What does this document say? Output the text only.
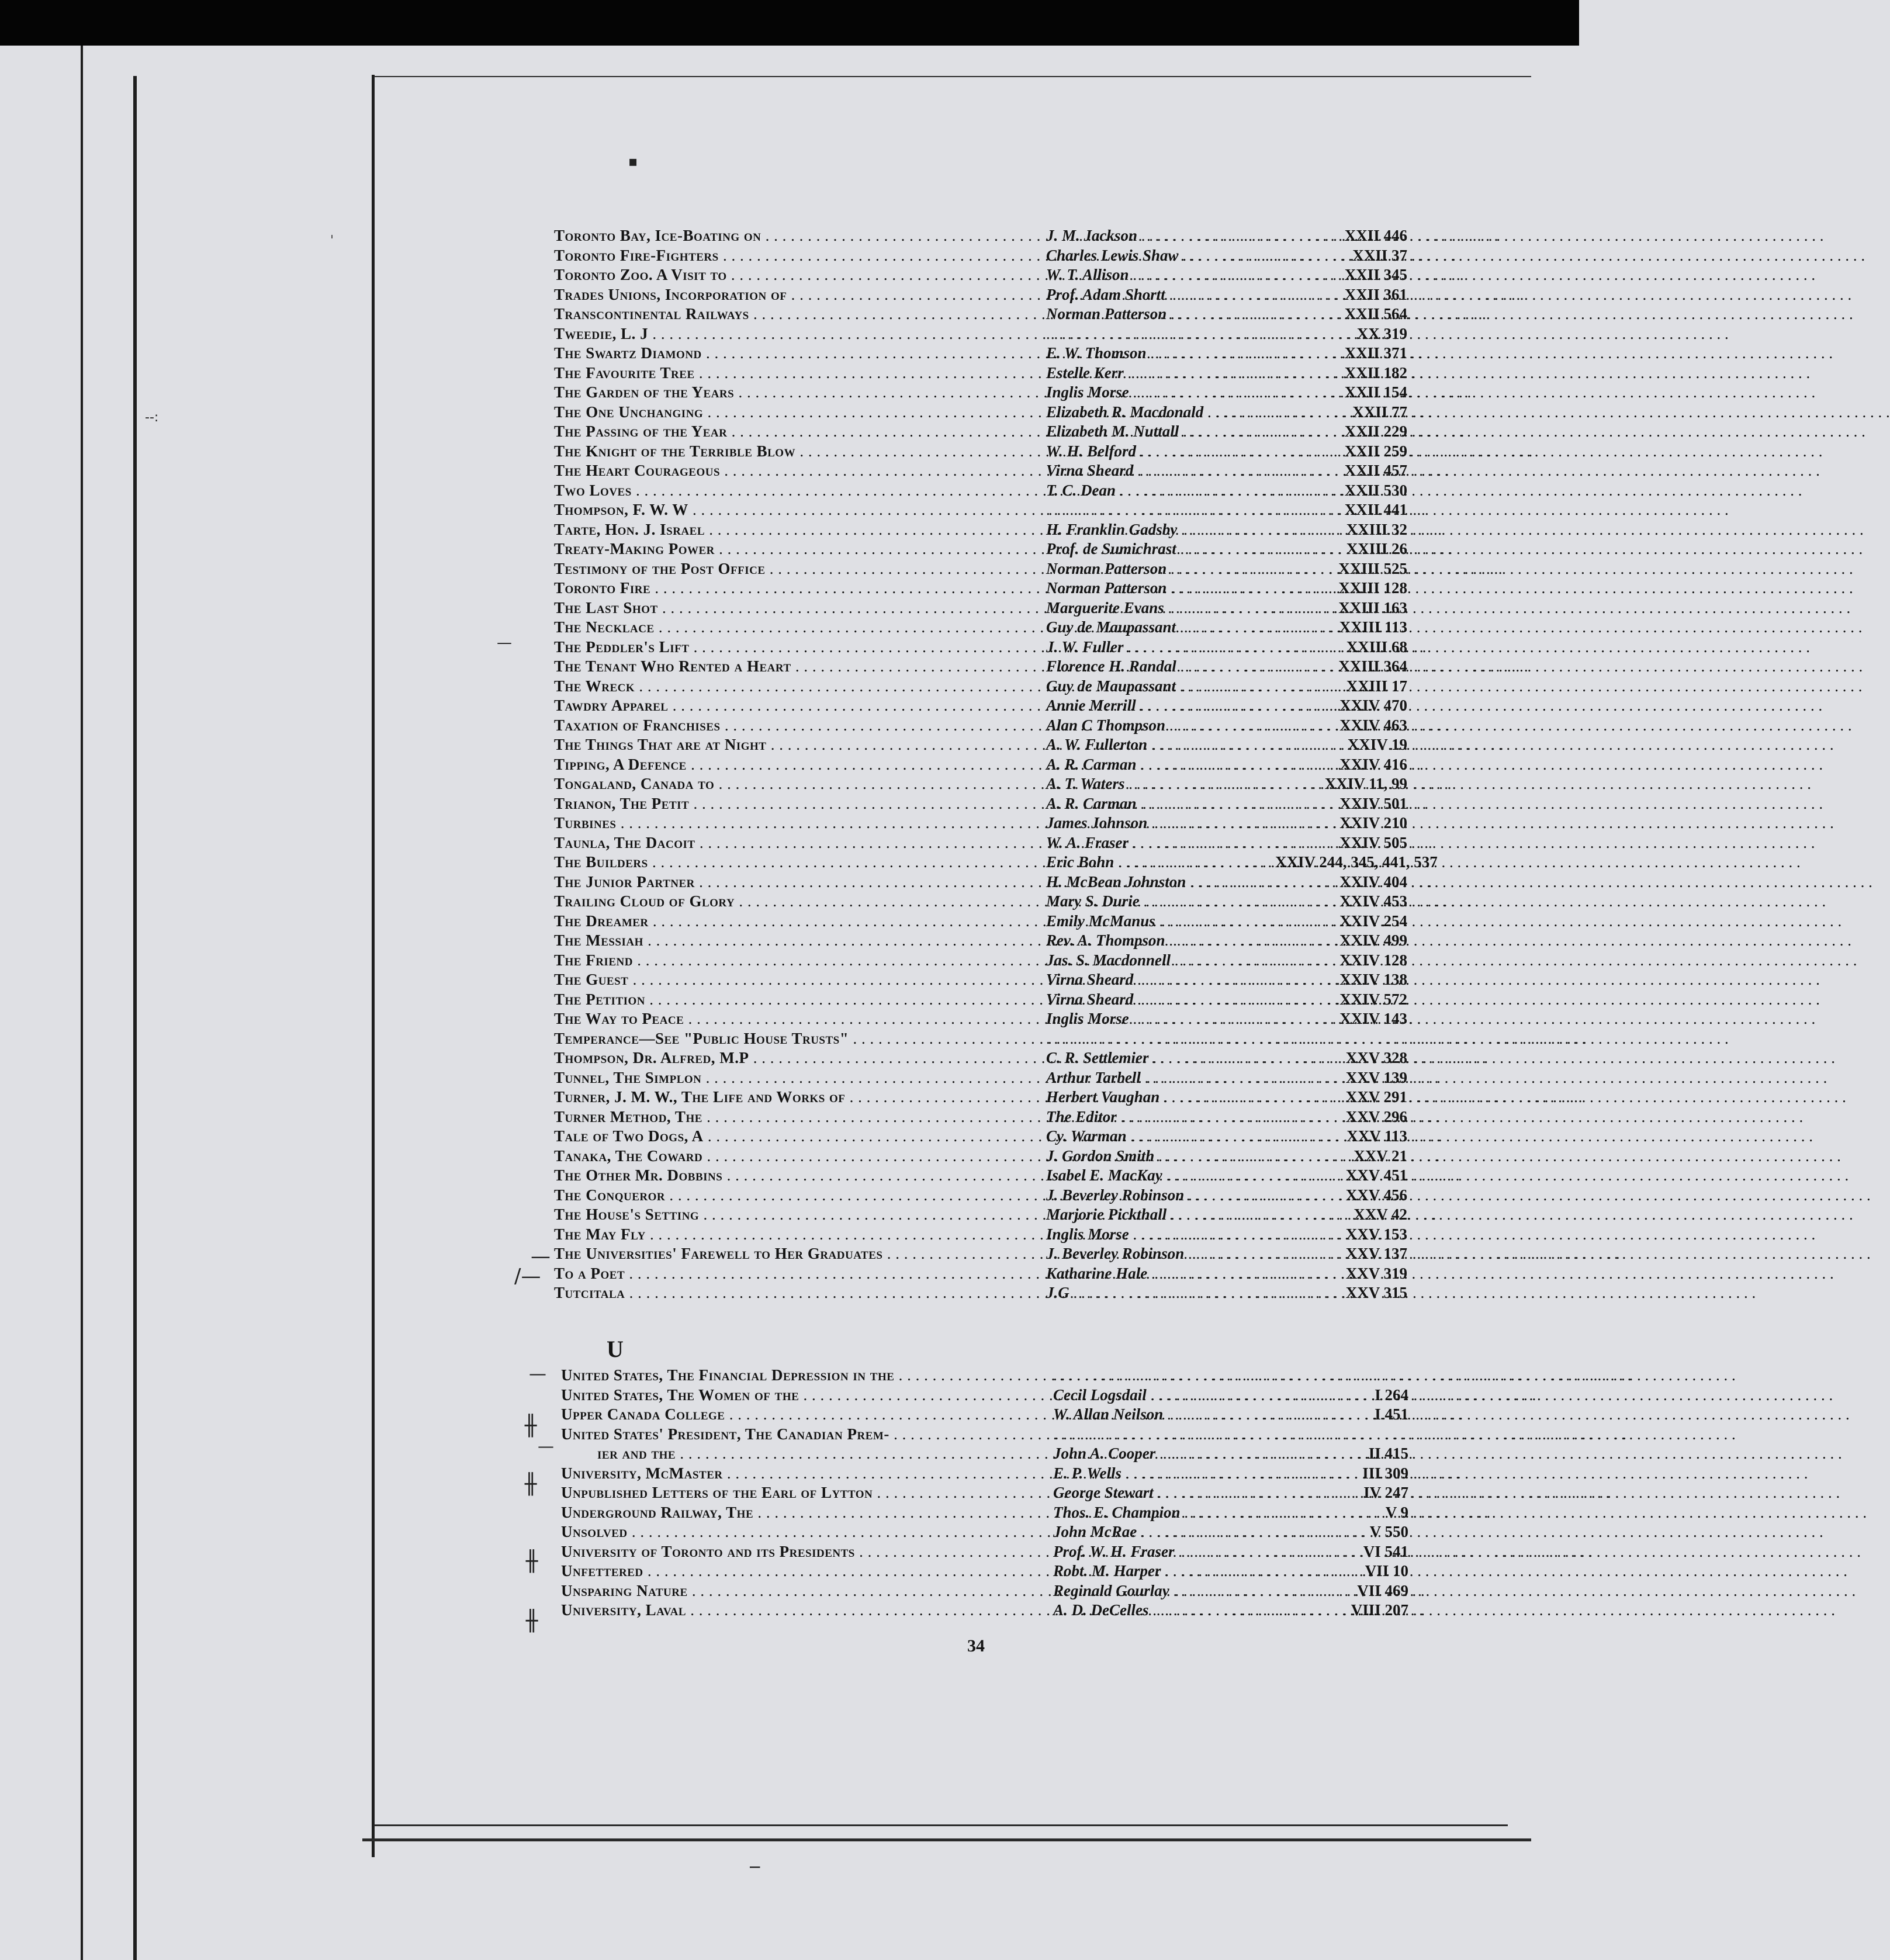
▪
ˈ
--:
—
−
—
/—
—
╫
—
╫
╫
╫
Toronto Bay, Ice-Boating on . . .	J. M. Jackson . . .	XXII 446
Toronto Fire-Fighters . . .	Charles Lewis Shaw . . .	XXII 37
Toronto Zoo. A Visit to . . .	W. T. Allison . . .	XXII 345
Trades Unions, Incorporation of . . .	Prof. Adam Shortt . . .	XXII 361
Transcontinental Railways . . .	Norman Patterson . . .	XXII 564
Tweedie, L. J . . . . . .	XX 319
The Swartz Diamond . . .	E. W. Thomson . . .	XXII 371
The Favourite Tree . . .	Estelle Kerr . . .	XXII 182
The Garden of the Years . . .	Inglis Morse . . .	XXII 154
The One Unchanging . . .	Elizabeth R. Macdonald . . .	XXII 77
The Passing of the Year . . .	Elizabeth M. Nuttall . . .	XXII 229
The Knight of the Terrible Blow . . .	W. H. Belford . . .	XXII 259
The Heart Courageous . . .	Virna Sheard . . .	XXII 457
Two Loves . . .	T. C. Dean . . .	XXII 530
Thompson, F. W. W . . . . . .	XXII 441
Tarte, Hon. J. Israel . . .	H. Franklin Gadsby . . .	XXIII 32
Treaty-Making Power . . .	Prof. de Sumichrast . . .	XXIII 26
Testimony of the Post Office . . .	Norman Patterson . . .	XXIII 525
Toronto Fire . . .	Norman Patterson . . .	XXIII 128
The Last Shot . . .	Marguerite Evans . . .	XXIII 163
The Necklace . . .	Guy de Maupassant . . .	XXIII 113
The Peddler's Lift . . .	J. W. Fuller . . .	XXIII 68
The Tenant Who Rented a Heart . . .	Florence H. Randal . . .	XXIII 364
The Wreck . . .	Guy de Maupassant . . .	XXIII 17
Tawdry Apparel . . .	Annie Merrill . . .	XXIV 470
Taxation of Franchises . . .	Alan C Thompson . . .	XXIV 463
The Things That are at Night . . .	A. W. Fullerton . . .	XXIV 19
Tipping, A Defence . . .	A. R. Carman . . .	XXIV 416
Tongaland, Canada to . . .	A. T. Waters . . .	XXIV 11, 99
Trianon, The Petit . . .	A. R. Carman . . .	XXIV 501
Turbines . . .	James Johnson . . .	XXIV 210
Taunla, The Dacoit . . .	W. A. Fraser . . .	XXIV 505
The Builders . . .	Eric Bohn . . .	XXIV 244, 345, 441, 537
The Junior Partner . . .	H. McBean Johnston . . .	XXIV 404
Trailing Cloud of Glory . . .	Mary S. Durie . . .	XXIV 453
The Dreamer . . .	Emily McManus . . .	XXIV 254
The Messiah . . .	Rev. A. Thompson . . .	XXIV 499
The Friend . . .	Jas. S. Macdonnell . . .	XXIV 128
The Guest . . .	Virna Sheard . . .	XXIV 138
The Petition . . .	Virna Sheard . . .	XXIV 572
The Way to Peace . . .	Inglis Morse . . .	XXIV 143
Temperance—See "Public House Trusts" . . .
. . .
Thompson, Dr. Alfred, M.P . . .	C. R. Settlemier . . .	XXV 328
Tunnel, The Simplon . . .	Arthur Tarbell . . .	XXV 139
Turner, J. M. W., The Life and Works of . . .	Herbert Vaughan . . .	XXV 291
Turner Method, The . . .	The Editor . . .	XXV 296
Tale of Two Dogs, A . . .	Cy. Warman . . .	XXV 113
Tanaka, The Coward . . .	J. Gordon Smith . . .	XXV 21
The Other Mr. Dobbins . . .	Isabel E. MacKay . . .	XXV 451
The Conqueror . . .	J. Beverley Robinson . . .	XXV 456
The House's Setting . . .	Marjorie Pickthall . . .	XXV 42
The May Fly . . .	Inglis Morse . . .	XXV 153
The Universities' Farewell to Her Graduates . . .	J. Beverley Robinson . . .	XXV 137
To a Poet . . .	Katharine Hale . . .	XXV 319
Tutcitala . . .	J.G . . .	XXV 315
U
United States, The Financial Depression in the . . .
. . .
United States, The Women of the . . .	Cecil Logsdail . . .	I 264
Upper Canada College . . .	W. Allan Neilson . . .	I 451
United States' President, The Canadian Prem- . . .
. . .
ier and the . . .	John A. Cooper . . .	II 415
University, McMaster . . .	E. P. Wells . . .	III 309
Unpublished Letters of the Earl of Lytton . . .	George Stewart . . .	IV 247
Underground Railway, The . . .	Thos. E. Champion . . .	V 9
Unsolved . . .	John McRae . . .	V 550
University of Toronto and its Presidents . . .	Prof. W. H. Fraser . . .	VI 541
Unfettered . . .	Robt. M. Harper . . .	VII 10
Unsparing Nature . . .	Reginald Gourlay . . .	VII 469
University, Laval . . .	A. D. DeCelles . . .	VIII 207
34
